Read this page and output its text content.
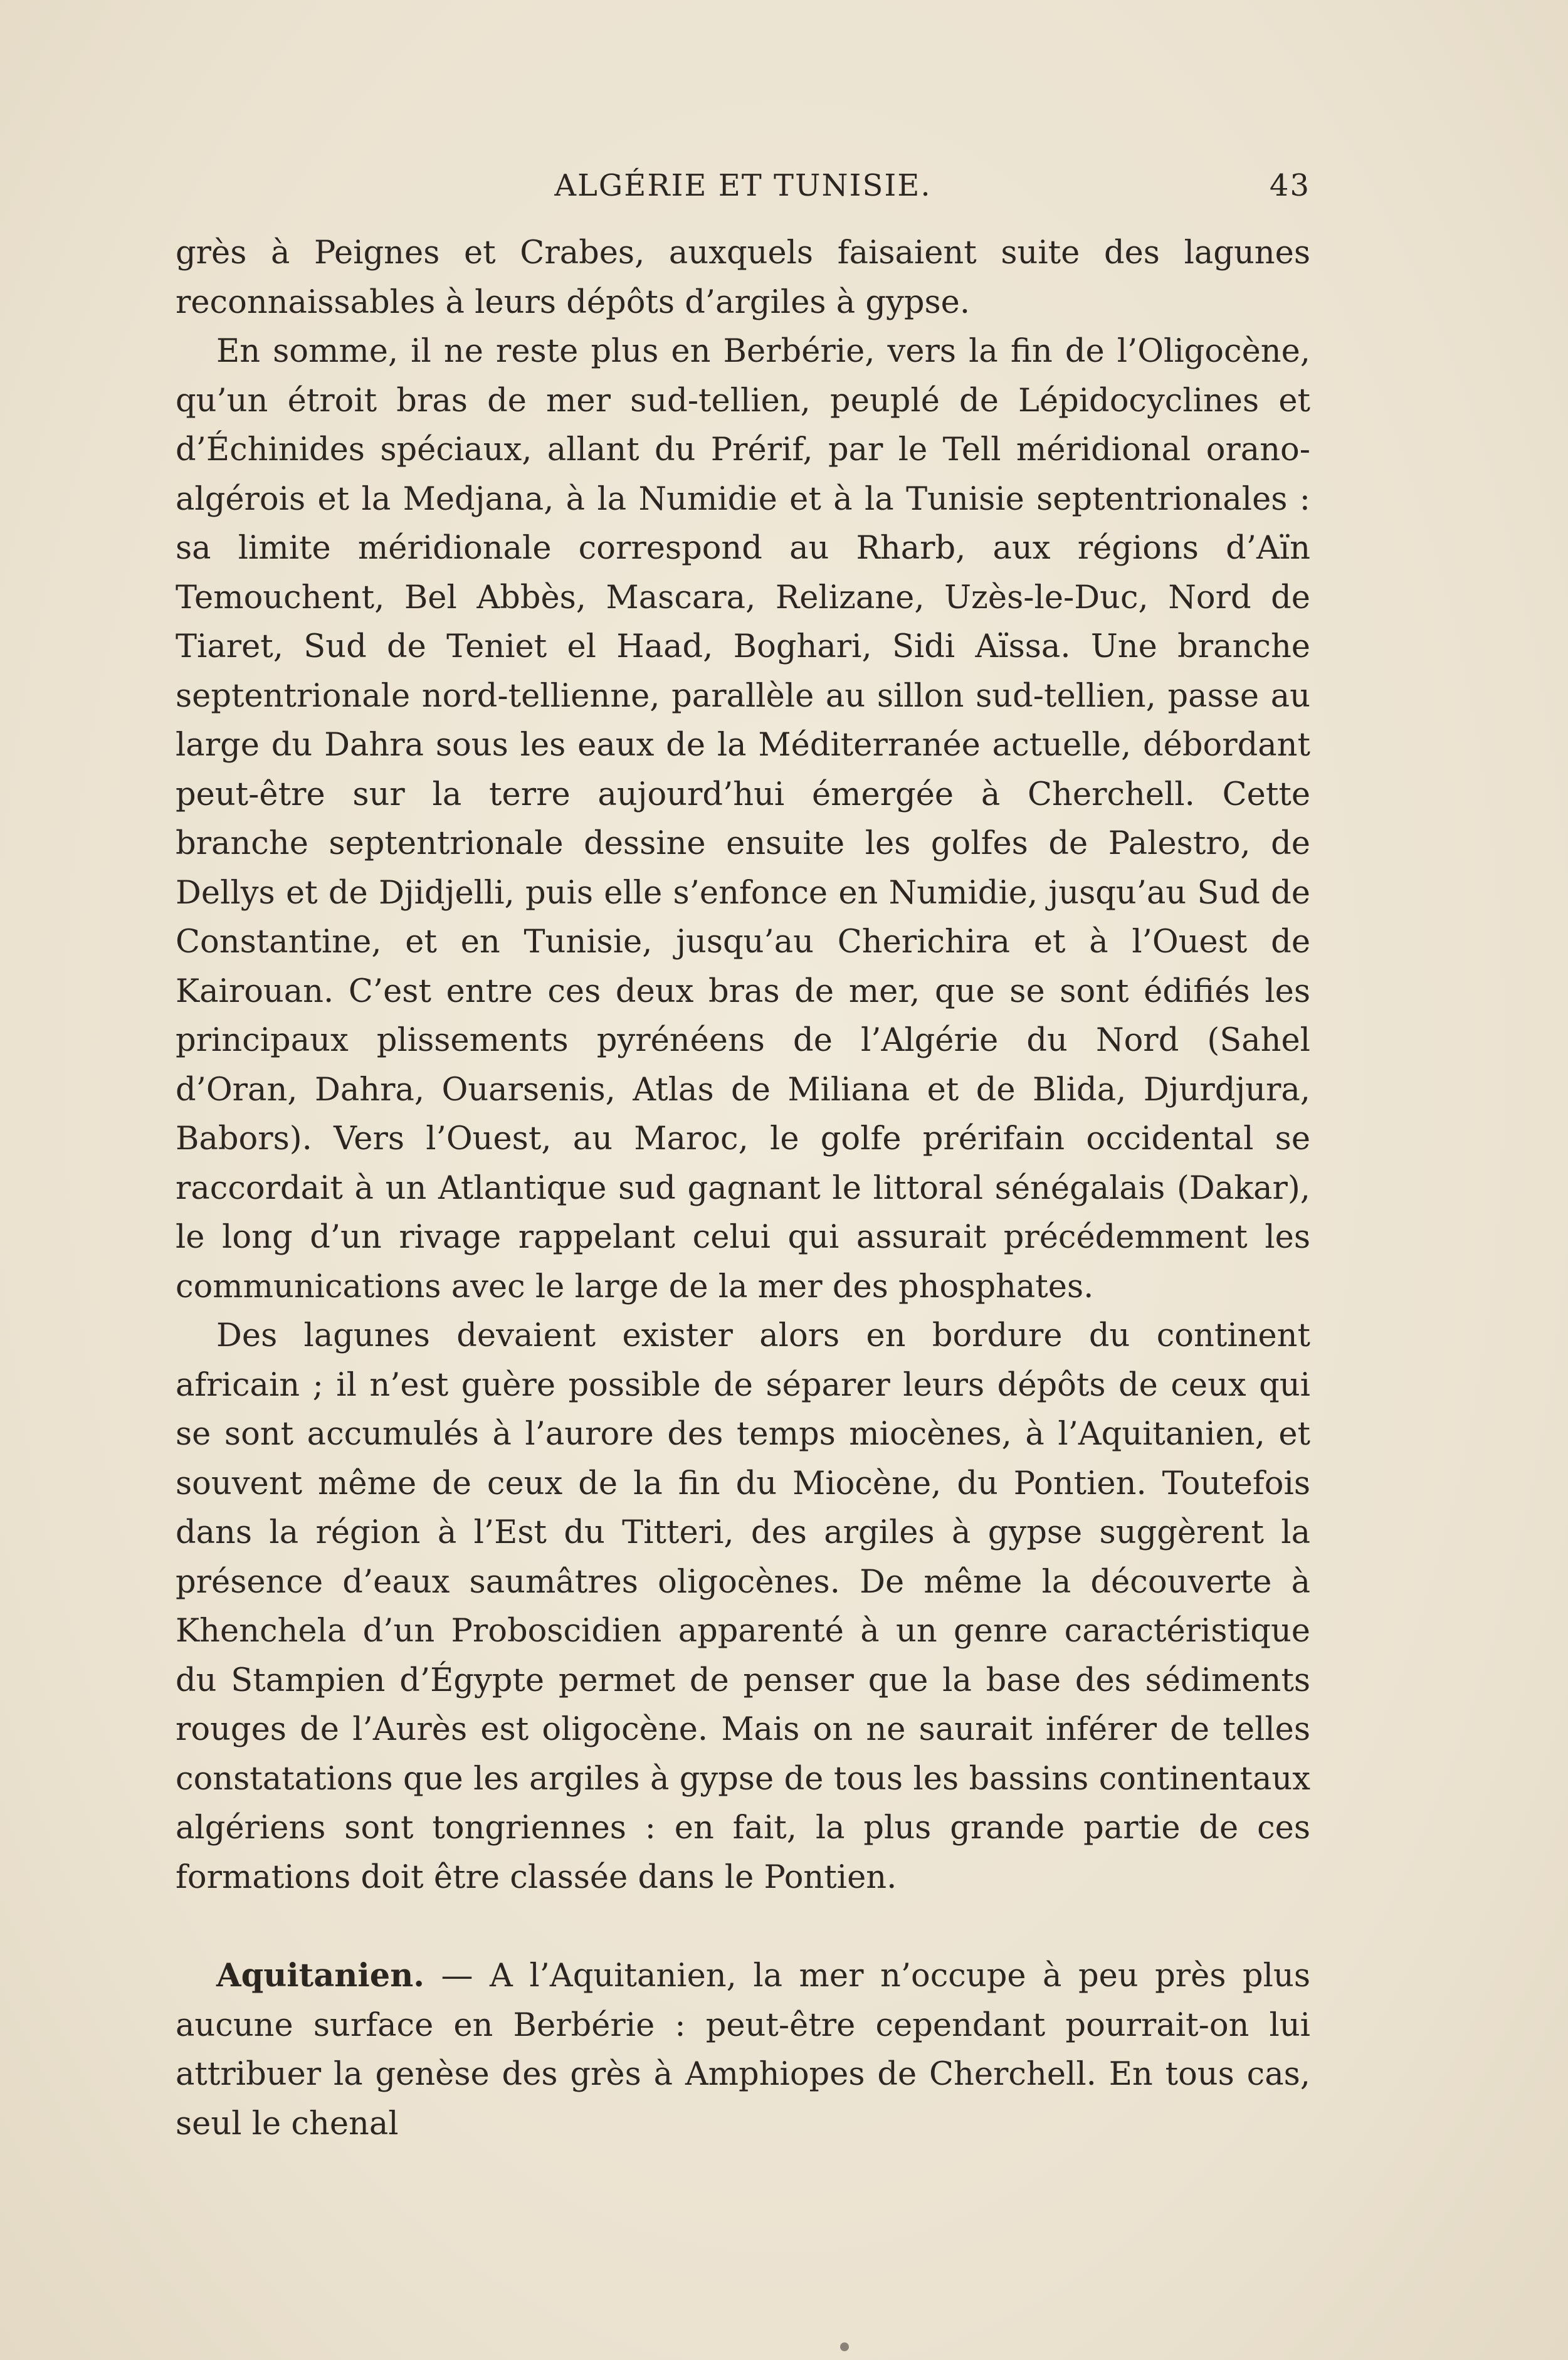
ALGÉRIE ET TUNISIE.	43

grès à Peignes et Crabes, auxquels faisaient suite des lagunes reconnaissables à leurs dépôts d’argiles à gypse.

En somme, il ne reste plus en Berbérie, vers la fin de l’Oligocène, qu’un étroit bras de mer sud-tellien, peuplé de Lépidocyclines et d’Échinides spéciaux, allant du Prérif, par le Tell méridional orano-algérois et la Medjana, à la Numidie et à la Tunisie septentrionales : sa limite méridionale correspond au Rharb, aux régions d’Aïn Temouchent, Bel Abbès, Mascara, Relizane, Uzès-le-Duc, Nord de Tiaret, Sud de Teniet el Haad, Boghari, Sidi Aïssa. Une branche septentrionale nord-tellienne, parallèle au sillon sud-tellien, passe au large du Dahra sous les eaux de la Méditerranée actuelle, débordant peut-être sur la terre aujourd’hui émergée à Cherchell. Cette branche septentrionale dessine ensuite les golfes de Palestro, de Dellys et de Djidjelli, puis elle s’enfonce en Numidie, jusqu’au Sud de Constantine, et en Tunisie, jusqu’au Cherichira et à l’Ouest de Kairouan. C’est entre ces deux bras de mer, que se sont édifiés les principaux plissements pyrénéens de l’Algérie du Nord (Sahel d’Oran, Dahra, Ouarsenis, Atlas de Miliana et de Blida, Djurdjura, Babors). Vers l’Ouest, au Maroc, le golfe prérifain occidental se raccordait à un Atlantique sud gagnant le littoral sénégalais (Dakar), le long d’un rivage rappelant celui qui assurait précédemment les communications avec le large de la mer des phosphates.

Des lagunes devaient exister alors en bordure du continent africain ; il n’est guère possible de séparer leurs dépôts de ceux qui se sont accumulés à l’aurore des temps miocènes, à l’Aquitanien, et souvent même de ceux de la fin du Miocène, du Pontien. Toutefois dans la région à l’Est du Titteri, des argiles à gypse suggèrent la présence d’eaux saumâtres oligocènes. De même la découverte à Khenchela d’un Proboscidien apparenté à un genre caractéristique du Stampien d’Égypte permet de penser que la base des sédiments rouges de l’Aurès est oligocène. Mais on ne saurait inférer de telles constatations que les argiles à gypse de tous les bassins continentaux algériens sont tongriennes : en fait, la plus grande partie de ces formations doit être classée dans le Pontien.

Aquitanien. — A l’Aquitanien, la mer n’occupe à peu près plus aucune surface en Berbérie : peut-être cependant pourrait-on lui attribuer la genèse des grès à Amphiopes de Cherchell. En tous cas, seul le chenal
